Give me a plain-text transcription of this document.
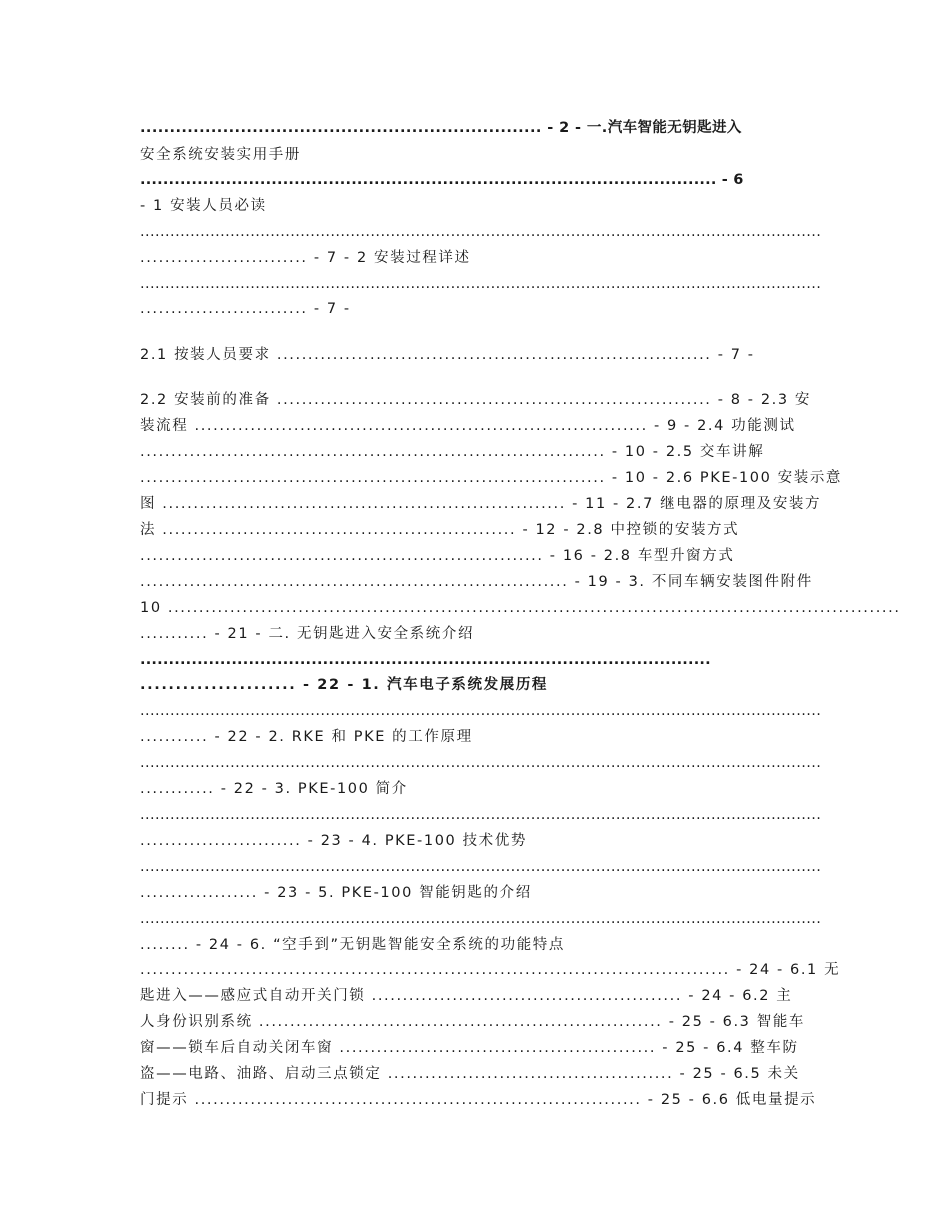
.................................................................... - 2 - 一.汽车智能无钥匙进入
安全系统安装实用手册
..................................................................................................... - 6
- 1 安装人员必读
........................................................................................................................................
........................... - 7 - 2 安装过程详述
........................................................................................................................................
........................... - 7 -
2.1 按装人员要求 ...................................................................... - 7 -
2.2 安装前的准备 ...................................................................... - 8 - 2.3 安
装流程 ......................................................................... - 9 - 2.4 功能测试
........................................................................... - 10 - 2.5 交车讲解
........................................................................... - 10 - 2.6 PKE-100 安装示意
图 ................................................................. - 11 - 2.7 继电器的原理及安装方
法 ......................................................... - 12 - 2.8 中控锁的安装方式
................................................................. - 16 - 2.8 车型升窗方式
..................................................................... - 19 - 3. 不同车辆安装图件附件
10 ......................................................................................................................
........... - 21 - 二. 无钥匙进入安全系统介绍
....................................................................................................
...................... - 22 - 1. 汽车电子系统发展历程
........................................................................................................................................
........... - 22 - 2. RKE 和 PKE 的工作原理
........................................................................................................................................
............ - 22 - 3. PKE-100 简介
........................................................................................................................................
.......................... - 23 - 4. PKE-100 技术优势
........................................................................................................................................
................... - 23 - 5. PKE-100 智能钥匙的介绍
........................................................................................................................................
........ - 24 - 6. “空手到”无钥匙智能安全系统的功能特点
............................................................................................... - 24 - 6.1 无
匙进入——感应式自动开关门锁 .................................................. - 24 - 6.2 主
人身份识别系统 ................................................................. - 25 - 6.3 智能车
窗——锁车后自动关闭车窗 ................................................... - 25 - 6.4 整车防
盗——电路、油路、启动三点锁定 .............................................. - 25 - 6.5 未关
门提示 ........................................................................ - 25 - 6.6 低电量提示
